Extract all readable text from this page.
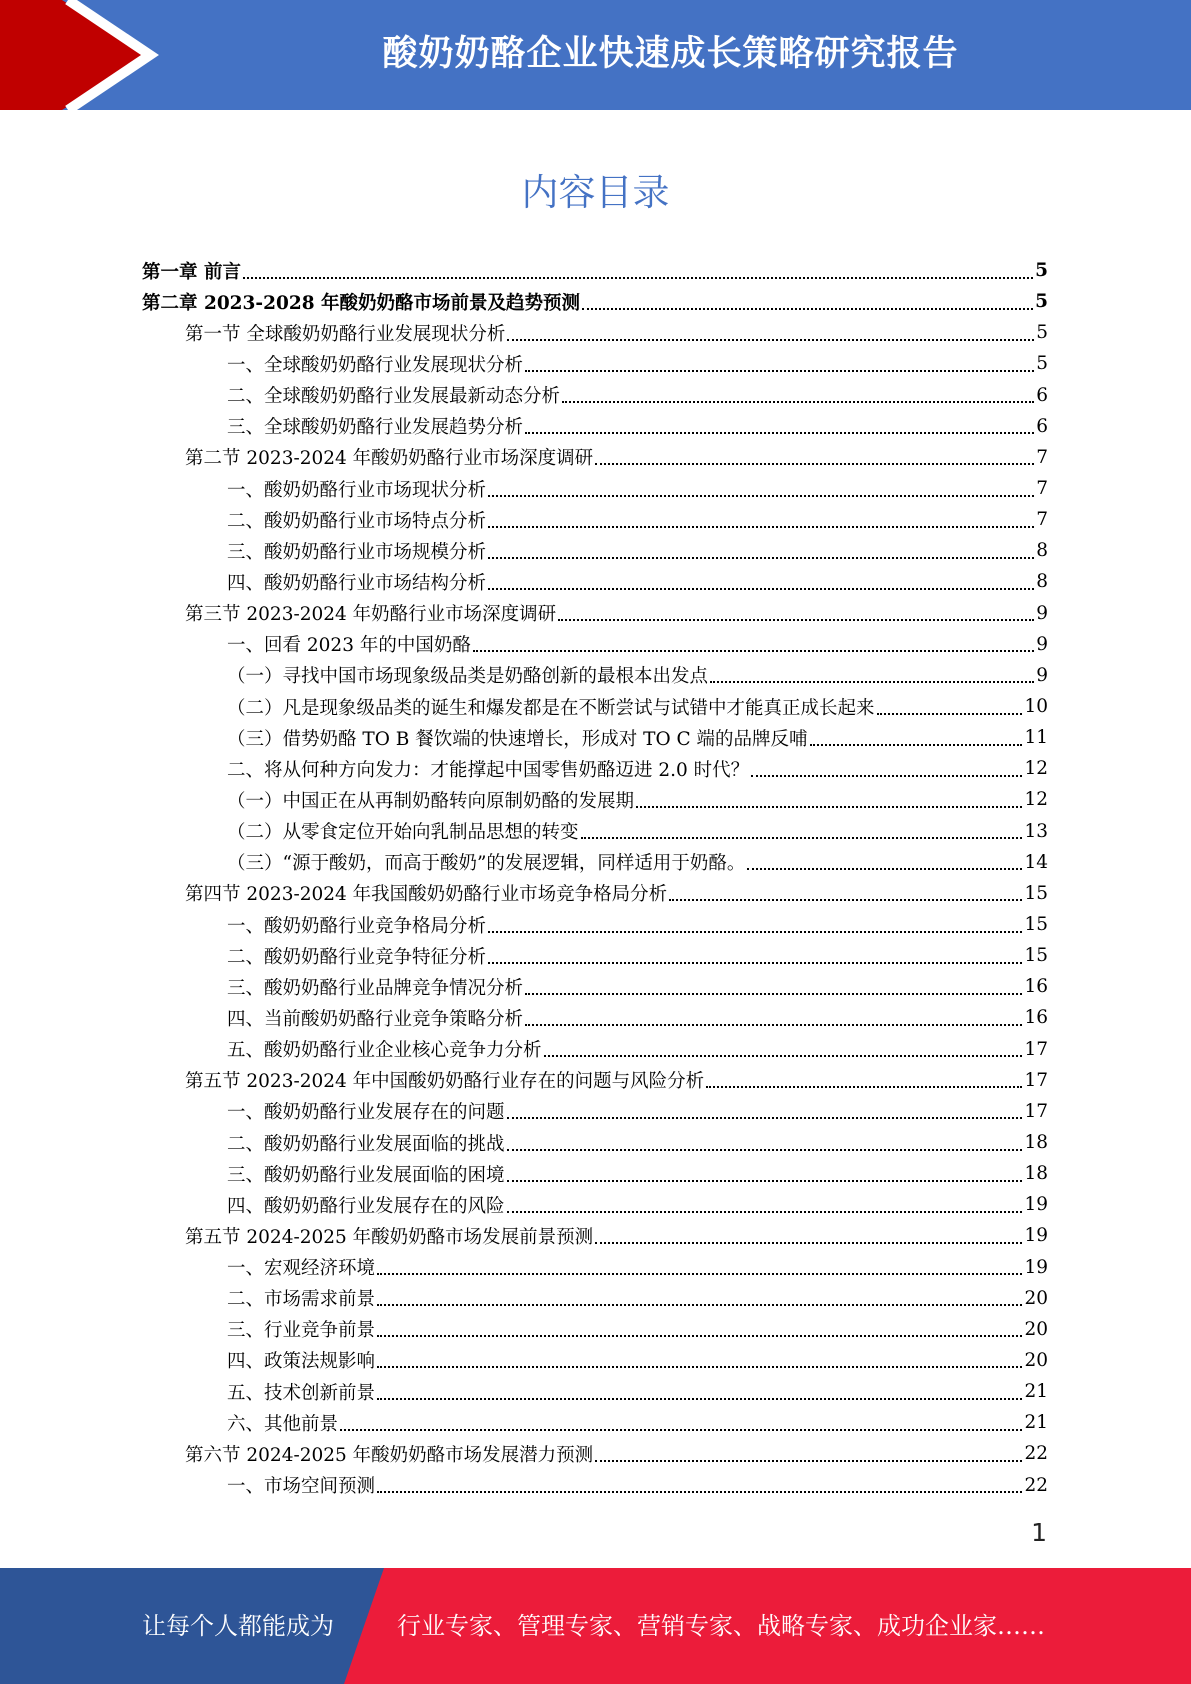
酸奶奶酪企业快速成长策略研究报告
内容目录
第一章 前言	5
第二章 2023-2028 年酸奶奶酪市场前景及趋势预测	5
第一节 全球酸奶奶酪行业发展现状分析	5
一、全球酸奶奶酪行业发展现状分析	5
二、全球酸奶奶酪行业发展最新动态分析	6
三、全球酸奶奶酪行业发展趋势分析	6
第二节 2023-2024 年酸奶奶酪行业市场深度调研	7
一、酸奶奶酪行业市场现状分析	7
二、酸奶奶酪行业市场特点分析	7
三、酸奶奶酪行业市场规模分析	8
四、酸奶奶酪行业市场结构分析	8
第三节 2023-2024 年奶酪行业市场深度调研	9
一、回看 2023 年的中国奶酪	9
（一）寻找中国市场现象级品类是奶酪创新的最根本出发点	9
（二）凡是现象级品类的诞生和爆发都是在不断尝试与试错中才能真正成长起来	10
（三）借势奶酪 TO B 餐饮端的快速增长，形成对 TO C 端的品牌反哺	11
二、将从何种方向发力：才能撑起中国零售奶酪迈进 2.0 时代？	12
（一）中国正在从再制奶酪转向原制奶酪的发展期	12
（二）从零食定位开始向乳制品思想的转变	13
（三）“源于酸奶，而高于酸奶”的发展逻辑，同样适用于奶酪。	14
第四节 2023-2024 年我国酸奶奶酪行业市场竞争格局分析	15
一、酸奶奶酪行业竞争格局分析	15
二、酸奶奶酪行业竞争特征分析	15
三、酸奶奶酪行业品牌竞争情况分析	16
四、当前酸奶奶酪行业竞争策略分析	16
五、酸奶奶酪行业企业核心竞争力分析	17
第五节 2023-2024 年中国酸奶奶酪行业存在的问题与风险分析	17
一、酸奶奶酪行业发展存在的问题	17
二、酸奶奶酪行业发展面临的挑战	18
三、酸奶奶酪行业发展面临的困境	18
四、酸奶奶酪行业发展存在的风险	19
第五节 2024-2025 年酸奶奶酪市场发展前景预测	19
一、宏观经济环境	19
二、市场需求前景	20
三、行业竞争前景	20
四、政策法规影响	20
五、技术创新前景	21
六、其他前景	21
第六节 2024-2025 年酸奶奶酪市场发展潜力预测	22
一、市场空间预测	22
1
让每个人都能成为	行业专家、管理专家、营销专家、战略专家、成功企业家……
